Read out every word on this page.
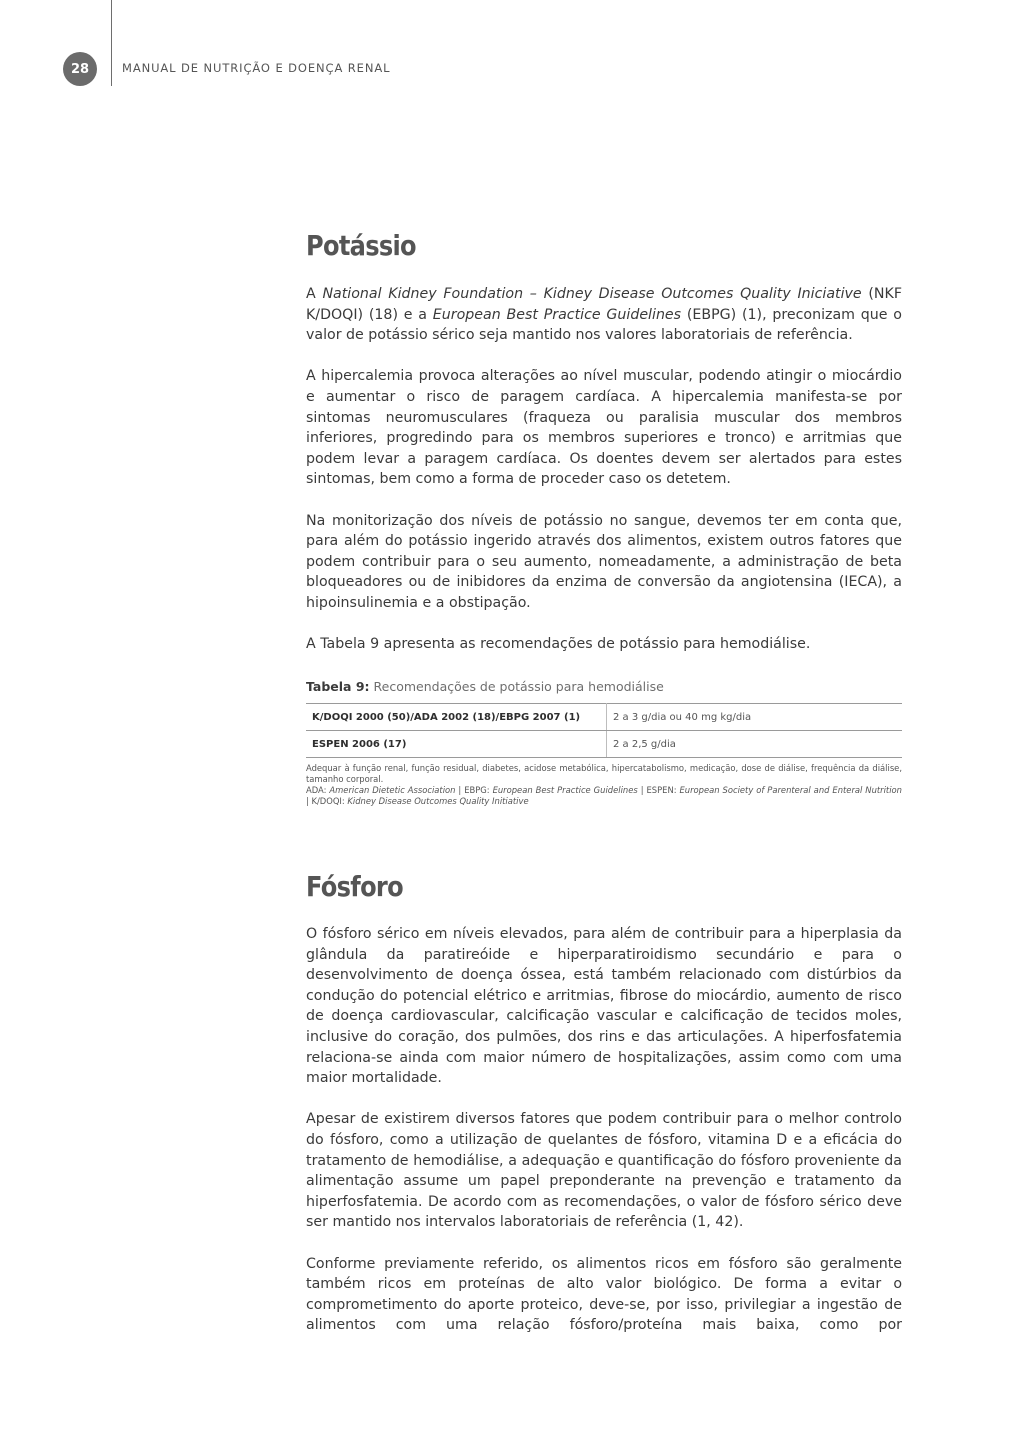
28	MANUAL DE NUTRIÇÃO E DOENÇA RENAL
Potássio

A National Kidney Foundation – Kidney Disease Outcomes Quality Iniciative (NKF K/DOQI) (18) e a European Best Practice Guidelines (EBPG) (1), preconizam que o valor de potássio sérico seja mantido nos valores laboratoriais de referência.

A hipercalemia provoca alterações ao nível muscular, podendo atingir o miocárdio e aumentar o risco de paragem cardíaca. A hipercalemia manifesta-se por sintomas neuromusculares (fraqueza ou paralisia muscular dos membros inferiores, progredindo para os membros superiores e tronco) e arritmias que podem levar a paragem cardíaca. Os doentes devem ser alertados para estes sintomas, bem como a forma de proceder caso os detetem.

Na monitorização dos níveis de potássio no sangue, devemos ter em conta que, para além do potássio ingerido através dos alimentos, existem outros fatores que podem contribuir para o seu aumento, nomeadamente, a administração de beta bloqueadores ou de inibidores da enzima de conversão da angiotensina (IECA), a hipoinsulinemia e a obstipação.

A Tabela 9 apresenta as recomendações de potássio para hemodiálise.

Tabela 9: Recomendações de potássio para hemodiálise
K/DOQI 2000 (50)/ADA 2002 (18)/EBPG 2007 (1)	2 a 3 g/dia ou 40 mg kg/dia
ESPEN 2006 (17)	2 a 2,5 g/dia
Adequar à função renal, função residual, diabetes, acidose metabólica, hipercatabolismo, medicação, dose de diálise, frequência da diálise, tamanho corporal.
ADA: American Dietetic Association | EBPG: European Best Practice Guidelines | ESPEN: European Society of Parenteral and Enteral Nutrition | K/DOQI: Kidney Disease Outcomes Quality Initiative
Fósforo

O fósforo sérico em níveis elevados, para além de contribuir para a hiperplasia da glândula da paratireóide e hiperparatiroidismo secundário e para o desenvolvimento de doença óssea, está também relacionado com distúrbios da condução do potencial elétrico e arritmias, fibrose do miocárdio, aumento de risco de doença cardiovascular, calcificação vascular e calcificação de tecidos moles, inclusive do coração, dos pulmões, dos rins e das articulações. A hiperfosfatemia relaciona-se ainda com maior número de hospitalizações, assim como com uma maior mortalidade.

Apesar de existirem diversos fatores que podem contribuir para o melhor controlo do fósforo, como a utilização de quelantes de fósforo, vitamina D e a eficácia do tratamento de hemodiálise, a adequação e quantificação do fósforo proveniente da alimentação assume um papel preponderante na prevenção e tratamento da hiperfosfatemia. De acordo com as recomendações, o valor de fósforo sérico deve ser mantido nos intervalos laboratoriais de referência (1, 42).

Conforme previamente referido, os alimentos ricos em fósforo são geralmente também ricos em proteínas de alto valor biológico. De forma a evitar o comprometimento do aporte proteico, deve-se, por isso, privilegiar a ingestão de alimentos com uma relação fósforo/proteína mais baixa, como por
